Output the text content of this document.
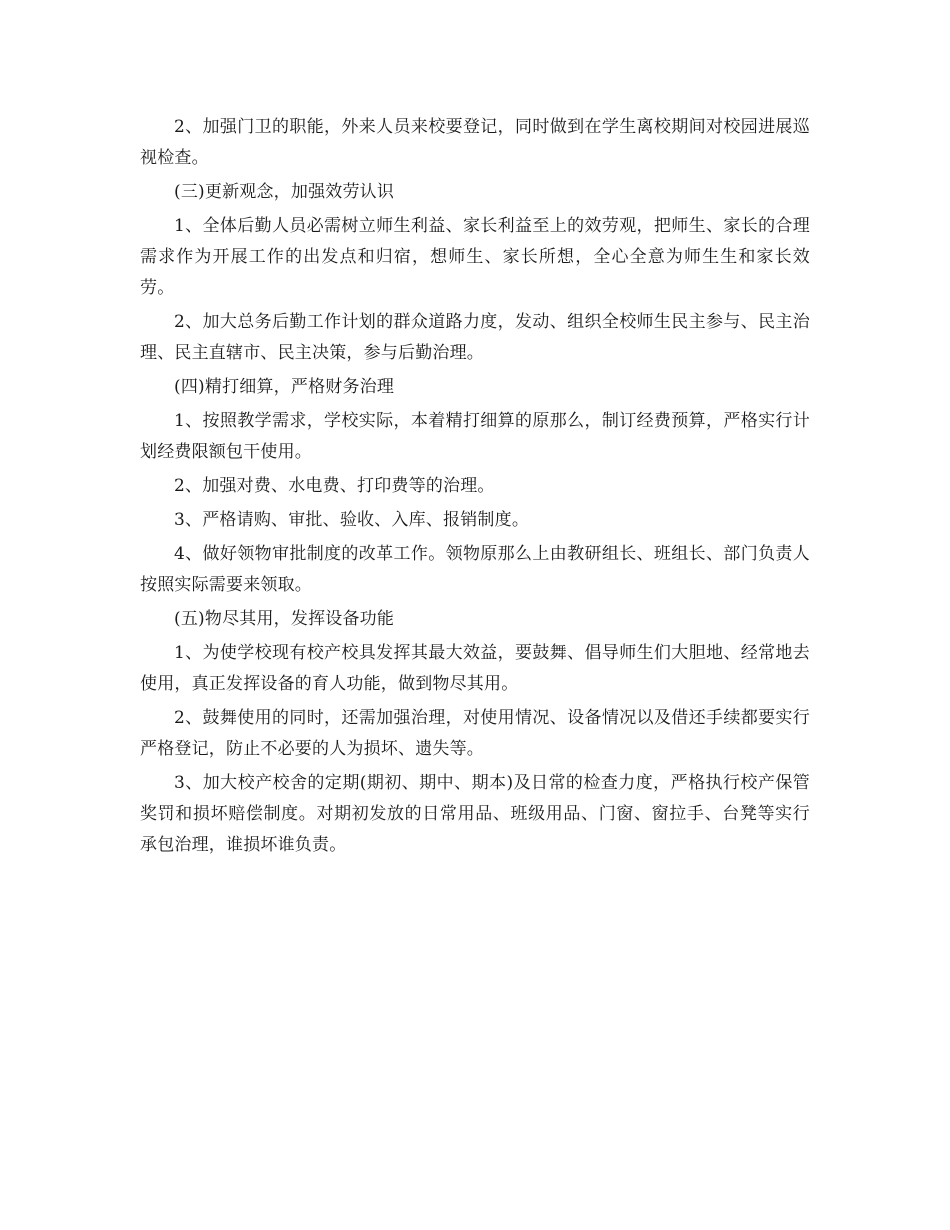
2、加强门卫的职能，外来人员来校要登记，同时做到在学生离校期间对校园进展巡视检查。

(三)更新观念，加强效劳认识

1、全体后勤人员必需树立师生利益、家长利益至上的效劳观，把师生、家长的合理需求作为开展工作的出发点和归宿，想师生、家长所想，全心全意为师生生和家长效劳。

2、加大总务后勤工作计划的群众道路力度，发动、组织全校师生民主参与、民主治理、民主直辖市、民主决策，参与后勤治理。

(四)精打细算，严格财务治理

1、按照教学需求，学校实际，本着精打细算的原那么，制订经费预算，严格实行计划经费限额包干使用。

2、加强对费、水电费、打印费等的治理。

3、严格请购、审批、验收、入库、报销制度。

4、做好领物审批制度的改革工作。领物原那么上由教研组长、班组长、部门负责人按照实际需要来领取。

(五)物尽其用，发挥设备功能

1、为使学校现有校产校具发挥其最大效益，要鼓舞、倡导师生们大胆地、经常地去使用，真正发挥设备的育人功能，做到物尽其用。

2、鼓舞使用的同时，还需加强治理，对使用情况、设备情况以及借还手续都要实行严格登记，防止不必要的人为损坏、遗失等。

3、加大校产校舍的定期(期初、期中、期本)及日常的检查力度，严格执行校产保管奖罚和损坏赔偿制度。对期初发放的日常用品、班级用品、门窗、窗拉手、台凳等实行承包治理，谁损坏谁负责。
